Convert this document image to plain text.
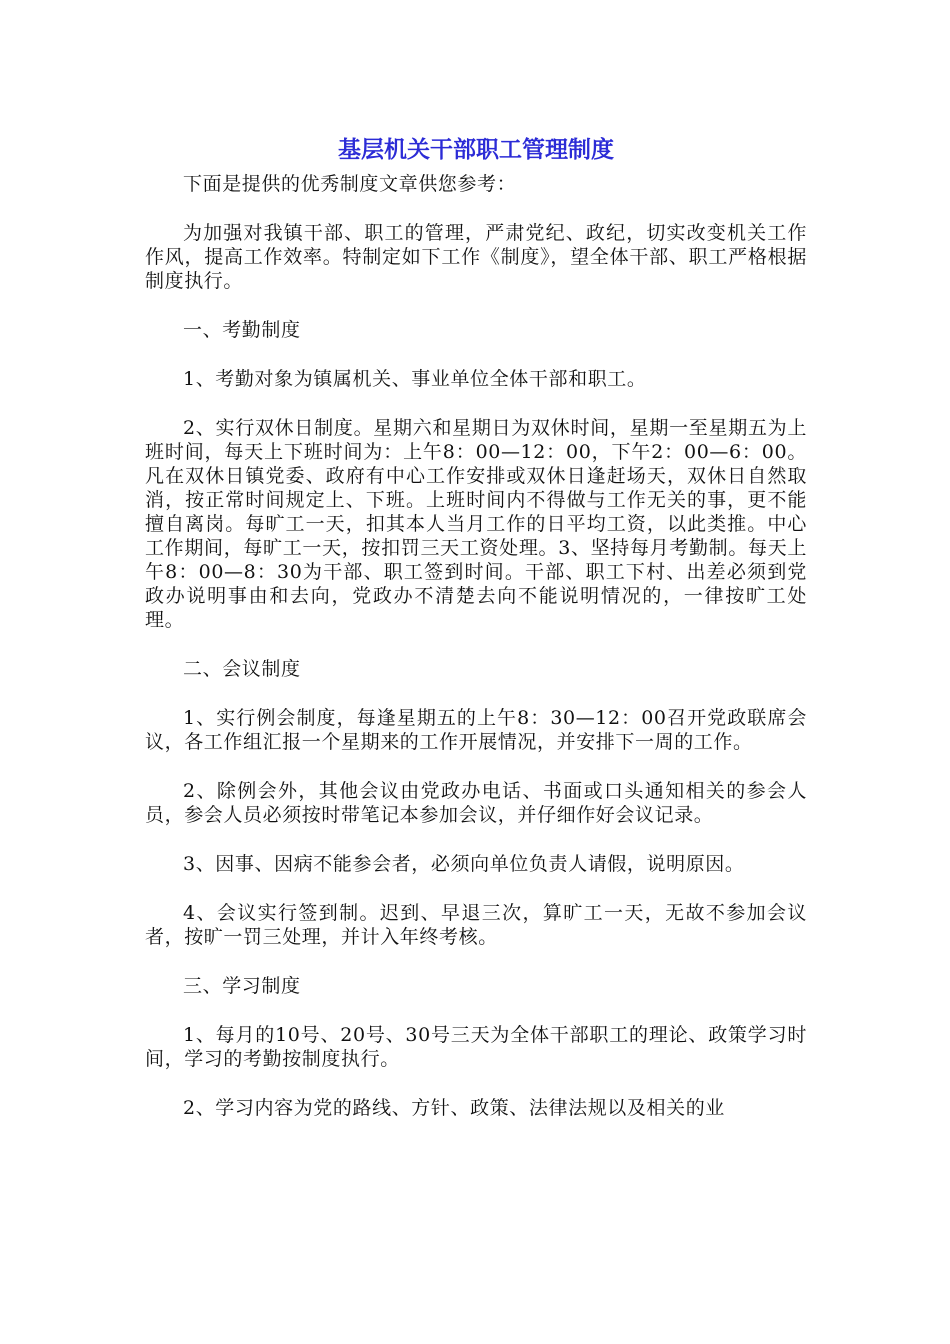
基层机关干部职工管理制度

下面是提供的优秀制度文章供您参考：

为加强对我镇干部、职工的管理，严肃党纪、政纪，切实改变机关工作作风，提高工作效率。特制定如下工作《制度》，望全体干部、职工严格根据制度执行。

一、考勤制度

1、考勤对象为镇属机关、事业单位全体干部和职工。

2、实行双休日制度。星期六和星期日为双休时间，星期一至星期五为上班时间，每天上下班时间为：上午8：00—12：00，下午2：00—6：00。凡在双休日镇党委、政府有中心工作安排或双休日逢赶场天，双休日自然取消，按正常时间规定上、下班。上班时间内不得做与工作无关的事，更不能擅自离岗。每旷工一天，扣其本人当月工作的日平均工资，以此类推。中心工作期间，每旷工一天，按扣罚三天工资处理。3、坚持每月考勤制。每天上午8：00—8：30为干部、职工签到时间。干部、职工下村、出差必须到党政办说明事由和去向，党政办不清楚去向不能说明情况的，一律按旷工处理。

二、会议制度

1、实行例会制度，每逢星期五的上午8：30—12：00召开党政联席会议，各工作组汇报一个星期来的工作开展情况，并安排下一周的工作。

2、除例会外，其他会议由党政办电话、书面或口头通知相关的参会人员，参会人员必须按时带笔记本参加会议，并仔细作好会议记录。

3、因事、因病不能参会者，必须向单位负责人请假，说明原因。

4、会议实行签到制。迟到、早退三次，算旷工一天，无故不参加会议者，按旷一罚三处理，并计入年终考核。

三、学习制度

1、每月的10号、20号、30号三天为全体干部职工的理论、政策学习时间，学习的考勤按制度执行。

2、学习内容为党的路线、方针、政策、法律法规以及相关的业
